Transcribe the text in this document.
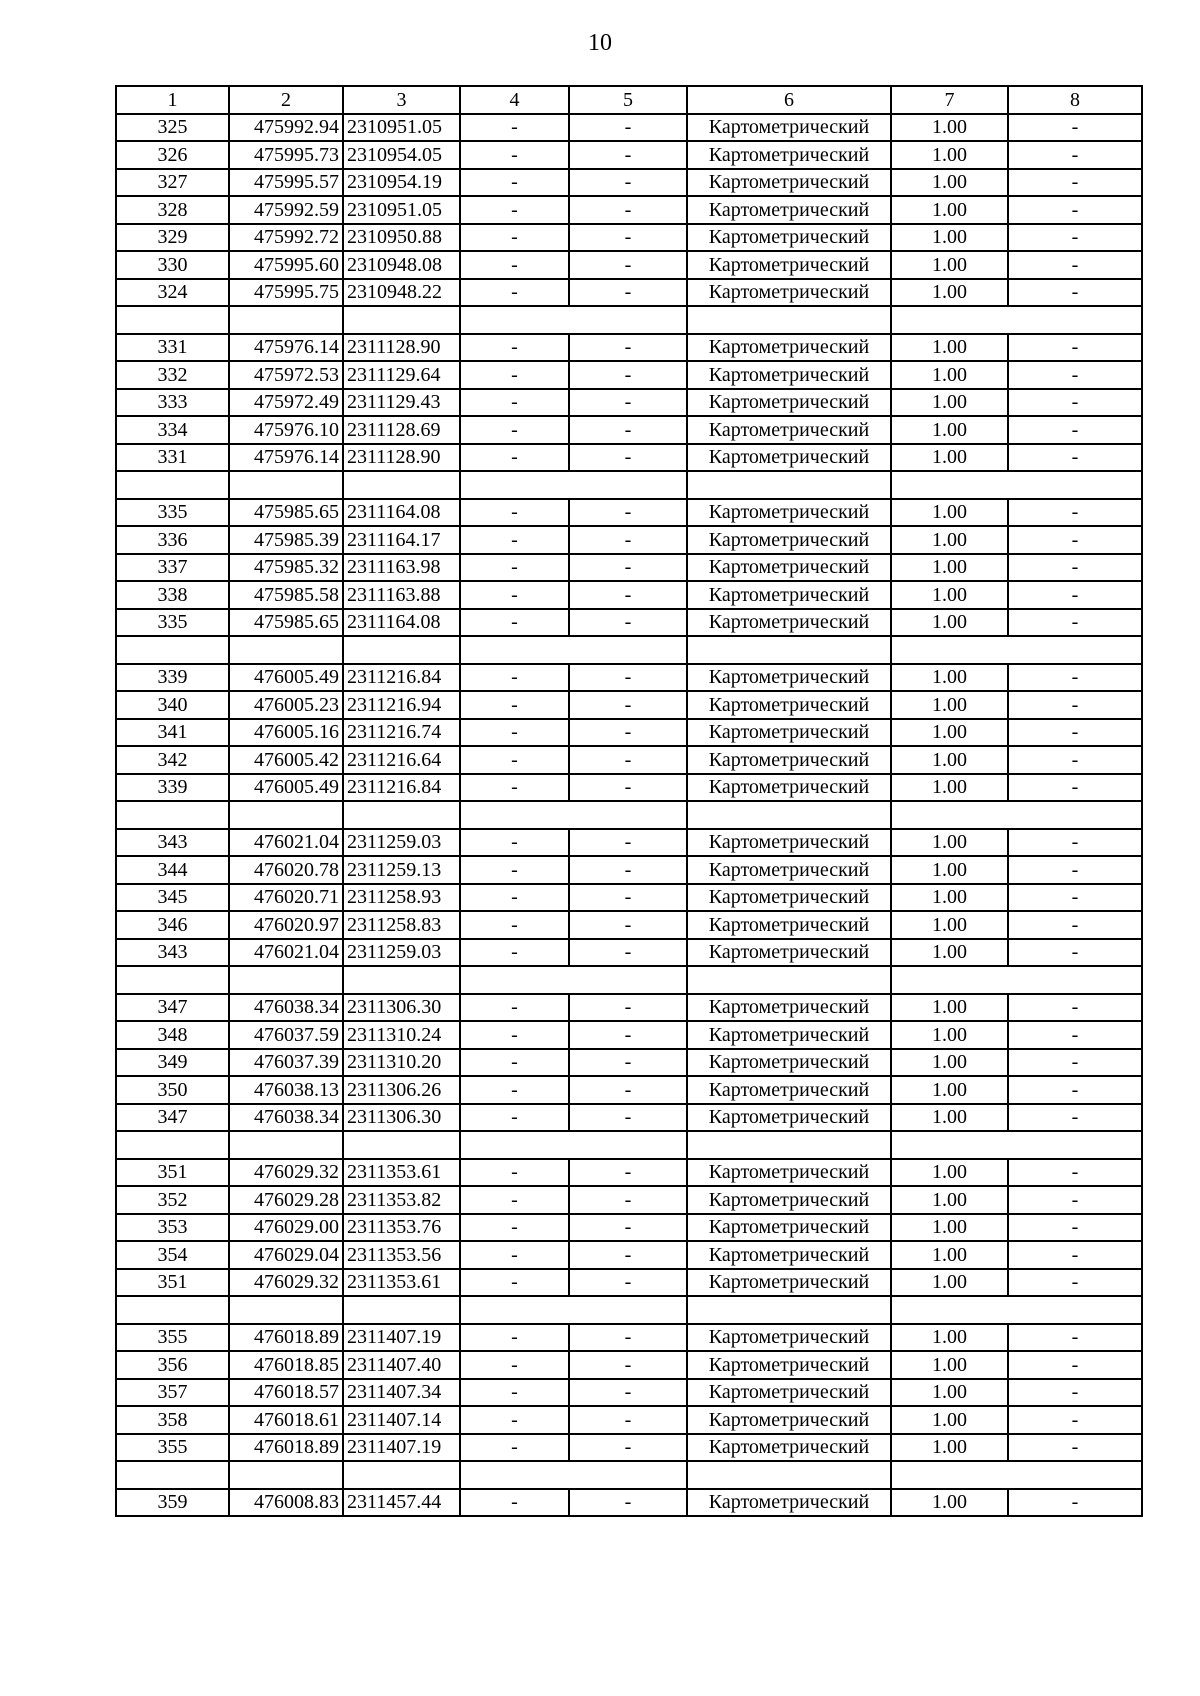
10
1	2	3	4	5	6	7	8
325	475992.94	2310951.05	-	-	Картометрический	1.00	-
326	475995.73	2310954.05	-	-	Картометрический	1.00	-
327	475995.57	2310954.19	-	-	Картометрический	1.00	-
328	475992.59	2310951.05	-	-	Картометрический	1.00	-
329	475992.72	2310950.88	-	-	Картометрический	1.00	-
330	475995.60	2310948.08	-	-	Картометрический	1.00	-
324	475995.75	2310948.22	-	-	Картометрический	1.00	-

331	475976.14	2311128.90	-	-	Картометрический	1.00	-
332	475972.53	2311129.64	-	-	Картометрический	1.00	-
333	475972.49	2311129.43	-	-	Картометрический	1.00	-
334	475976.10	2311128.69	-	-	Картометрический	1.00	-
331	475976.14	2311128.90	-	-	Картометрический	1.00	-

335	475985.65	2311164.08	-	-	Картометрический	1.00	-
336	475985.39	2311164.17	-	-	Картометрический	1.00	-
337	475985.32	2311163.98	-	-	Картометрический	1.00	-
338	475985.58	2311163.88	-	-	Картометрический	1.00	-
335	475985.65	2311164.08	-	-	Картометрический	1.00	-

339	476005.49	2311216.84	-	-	Картометрический	1.00	-
340	476005.23	2311216.94	-	-	Картометрический	1.00	-
341	476005.16	2311216.74	-	-	Картометрический	1.00	-
342	476005.42	2311216.64	-	-	Картометрический	1.00	-
339	476005.49	2311216.84	-	-	Картометрический	1.00	-

343	476021.04	2311259.03	-	-	Картометрический	1.00	-
344	476020.78	2311259.13	-	-	Картометрический	1.00	-
345	476020.71	2311258.93	-	-	Картометрический	1.00	-
346	476020.97	2311258.83	-	-	Картометрический	1.00	-
343	476021.04	2311259.03	-	-	Картометрический	1.00	-

347	476038.34	2311306.30	-	-	Картометрический	1.00	-
348	476037.59	2311310.24	-	-	Картометрический	1.00	-
349	476037.39	2311310.20	-	-	Картометрический	1.00	-
350	476038.13	2311306.26	-	-	Картометрический	1.00	-
347	476038.34	2311306.30	-	-	Картометрический	1.00	-

351	476029.32	2311353.61	-	-	Картометрический	1.00	-
352	476029.28	2311353.82	-	-	Картометрический	1.00	-
353	476029.00	2311353.76	-	-	Картометрический	1.00	-
354	476029.04	2311353.56	-	-	Картометрический	1.00	-
351	476029.32	2311353.61	-	-	Картометрический	1.00	-

355	476018.89	2311407.19	-	-	Картометрический	1.00	-
356	476018.85	2311407.40	-	-	Картометрический	1.00	-
357	476018.57	2311407.34	-	-	Картометрический	1.00	-
358	476018.61	2311407.14	-	-	Картометрический	1.00	-
355	476018.89	2311407.19	-	-	Картометрический	1.00	-

359	476008.83	2311457.44	-	-	Картометрический	1.00	-
